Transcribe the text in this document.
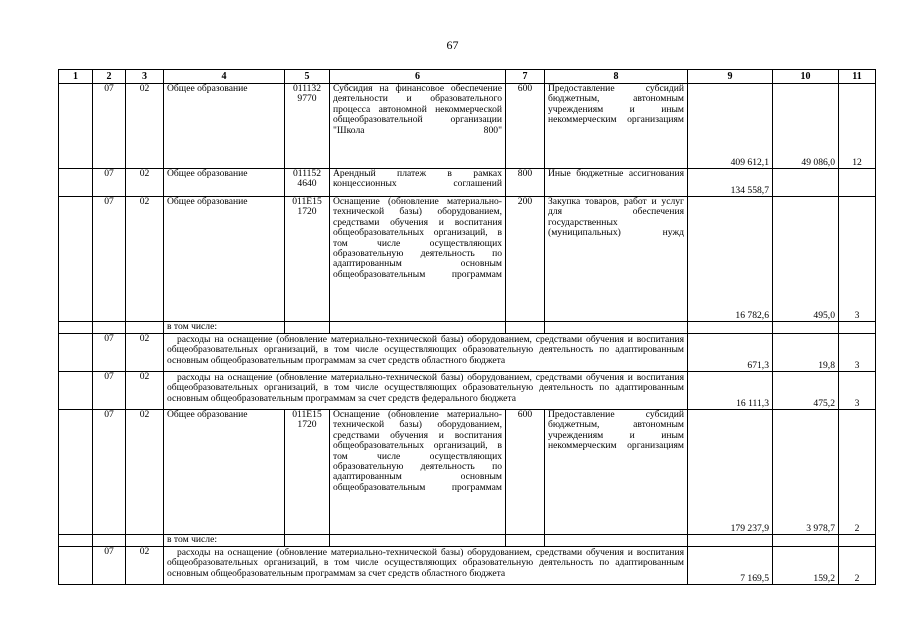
67
1	2	3	4	5	6	7	8	9	10	11
	07	02	Общее образование	011132 9770	Субсидия на финансовое обеспечение деятельности и образовательного процесса автономной некоммерческой общеобразовательной организации "Школа 800"	600	Предоставление субсидий бюджетным, автономным учреждениям и иным некоммерческим организациям	409 612,1	49 086,0	12
	07	02	Общее образование	011152 4640	Арендный платеж в рамках концессионных соглашений	800	Иные бюджетные ассигнования	134 558,7		
	07	02	Общее образование	011E15 1720	Оснащение (обновление материально-технической базы) оборудованием, средствами обучения и воспитания общеобразовательных организаций, в том числе осуществляющих образовательную деятельность по адаптированным основным общеобразовательным программам	200	Закупка товаров, работ и услуг для обеспечения государственных (муниципальных) нужд	16 782,6	495,0	3
			в том числе:							
	07	02	расходы на оснащение (обновление материально-технической базы) оборудованием, средствами обучения и воспитания общеобразовательных организаций, в том числе осуществляющих образовательную деятельность по адаптированным основным общеобразовательным программам за счет средств областного бюджета					671,3	19,8	3
	07	02	расходы на оснащение (обновление материально-технической базы) оборудованием, средствами обучения и воспитания общеобразовательных организаций, в том числе осуществляющих образовательную деятельность по адаптированным основным общеобразовательным программам за счет средств федерального бюджета					16 111,3	475,2	3
	07	02	Общее образование	011E15 1720	Оснащение (обновление материально-технической базы) оборудованием, средствами обучения и воспитания общеобразовательных организаций, в том числе осуществляющих образовательную деятельность по адаптированным основным общеобразовательным программам	600	Предоставление субсидий бюджетным, автономным учреждениям и иным некоммерческим организациям	179 237,9	3 978,7	2
			в том числе:							
	07	02	расходы на оснащение (обновление материально-технической базы) оборудованием, средствами обучения и воспитания общеобразовательных организаций, в том числе осуществляющих образовательную деятельность по адаптированным основным общеобразовательным программам за счет средств областного бюджета					7 169,5	159,2	2
